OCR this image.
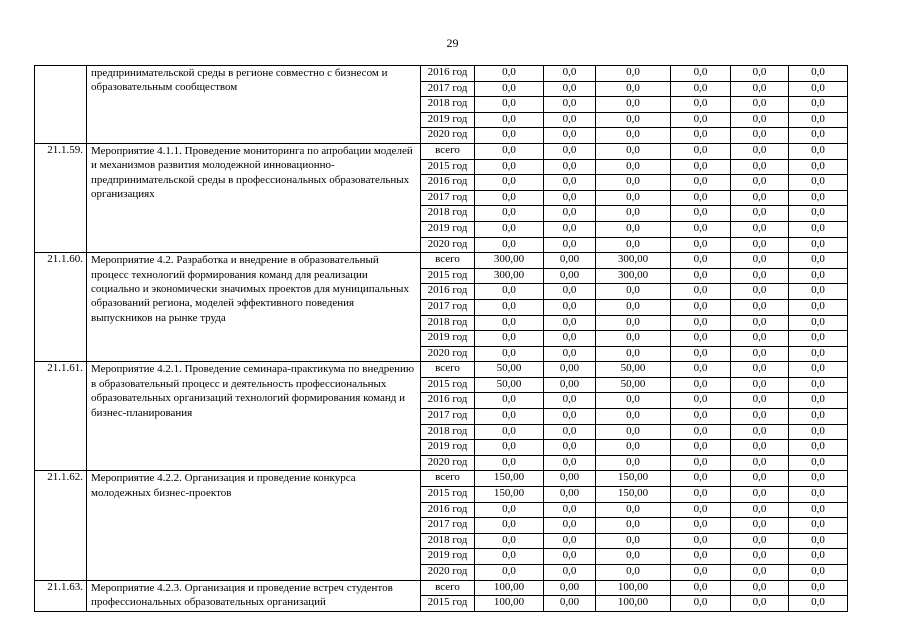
29
	предпринимательской среды в регионе совместно с бизнесом и образовательным сообществом	2016 год	0,0	0,0	0,0	0,0	0,0	0,0
		2017 год	0,0	0,0	0,0	0,0	0,0	0,0
		2018 год	0,0	0,0	0,0	0,0	0,0	0,0
		2019 год	0,0	0,0	0,0	0,0	0,0	0,0
		2020 год	0,0	0,0	0,0	0,0	0,0	0,0
21.1.59.	Мероприятие 4.1.1. Проведение мониторинга по апробации моделей и механизмов развития молодежной инновационно-предпринимательской среды в профессиональных образовательных организациях	всего	0,0	0,0	0,0	0,0	0,0	0,0
		2015 год	0,0	0,0	0,0	0,0	0,0	0,0
		2016 год	0,0	0,0	0,0	0,0	0,0	0,0
		2017 год	0,0	0,0	0,0	0,0	0,0	0,0
		2018 год	0,0	0,0	0,0	0,0	0,0	0,0
		2019 год	0,0	0,0	0,0	0,0	0,0	0,0
		2020 год	0,0	0,0	0,0	0,0	0,0	0,0
21.1.60.	Мероприятие 4.2. Разработка и внедрение в образовательный процесс технологий формирования команд для реализации социально и экономически значимых проектов для муниципальных образований региона, моделей эффективного поведения выпускников на рынке труда	всего	300,00	0,00	300,00	0,0	0,0	0,0
		2015 год	300,00	0,00	300,00	0,0	0,0	0,0
		2016 год	0,0	0,0	0,0	0,0	0,0	0,0
		2017 год	0,0	0,0	0,0	0,0	0,0	0,0
		2018 год	0,0	0,0	0,0	0,0	0,0	0,0
		2019 год	0,0	0,0	0,0	0,0	0,0	0,0
		2020 год	0,0	0,0	0,0	0,0	0,0	0,0
21.1.61.	Мероприятие 4.2.1. Проведение семинара-практикума по внедрению в образовательный процесс и деятельность профессиональных образовательных организаций технологий формирования команд и бизнес-планирования	всего	50,00	0,00	50,00	0,0	0,0	0,0
		2015 год	50,00	0,00	50,00	0,0	0,0	0,0
		2016 год	0,0	0,0	0,0	0,0	0,0	0,0
		2017 год	0,0	0,0	0,0	0,0	0,0	0,0
		2018 год	0,0	0,0	0,0	0,0	0,0	0,0
		2019 год	0,0	0,0	0,0	0,0	0,0	0,0
		2020 год	0,0	0,0	0,0	0,0	0,0	0,0
21.1.62.	Мероприятие 4.2.2. Организация и проведение конкурса молодежных бизнес-проектов	всего	150,00	0,00	150,00	0,0	0,0	0,0
		2015 год	150,00	0,00	150,00	0,0	0,0	0,0
		2016 год	0,0	0,0	0,0	0,0	0,0	0,0
		2017 год	0,0	0,0	0,0	0,0	0,0	0,0
		2018 год	0,0	0,0	0,0	0,0	0,0	0,0
		2019 год	0,0	0,0	0,0	0,0	0,0	0,0
		2020 год	0,0	0,0	0,0	0,0	0,0	0,0
21.1.63.	Мероприятие 4.2.3. Организация и проведение встреч студентов профессиональных образовательных организаций	всего	100,00	0,00	100,00	0,0	0,0	0,0
		2015 год	100,00	0,00	100,00	0,0	0,0	0,0
